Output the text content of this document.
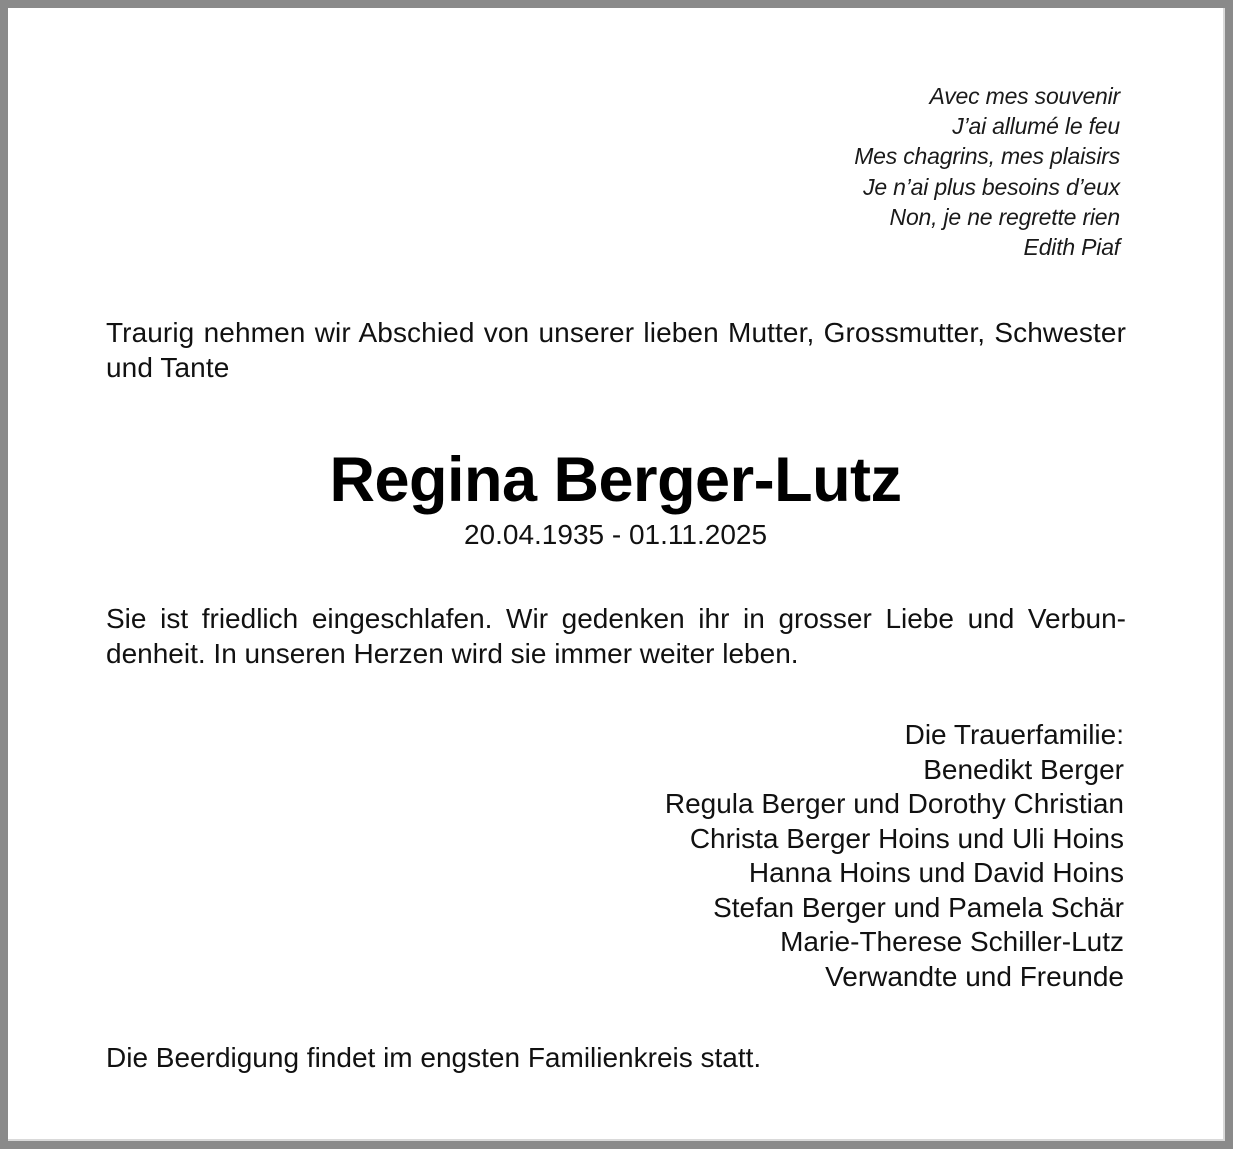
Avec mes souvenir
J’ai allumé le feu
Mes chagrins, mes plaisirs
Je n’ai plus besoins d’eux
Non, je ne regrette rien
Edith Piaf
Traurig nehmen wir Abschied von unserer lieben Mutter, Grossmutter, Schwester und Tante
Regina Berger-Lutz
20.04.1935 - 01.11.2025
Sie ist friedlich eingeschlafen. Wir gedenken ihr in grosser Liebe und Verbundenheit. In unseren Herzen wird sie immer weiter leben.
Die Trauerfamilie:
Benedikt Berger
Regula Berger und Dorothy Christian
Christa Berger Hoins und Uli Hoins
Hanna Hoins und David Hoins
Stefan Berger und Pamela Schär
Marie-Therese Schiller-Lutz
Verwandte und Freunde
Die Beerdigung findet im engsten Familienkreis statt.
